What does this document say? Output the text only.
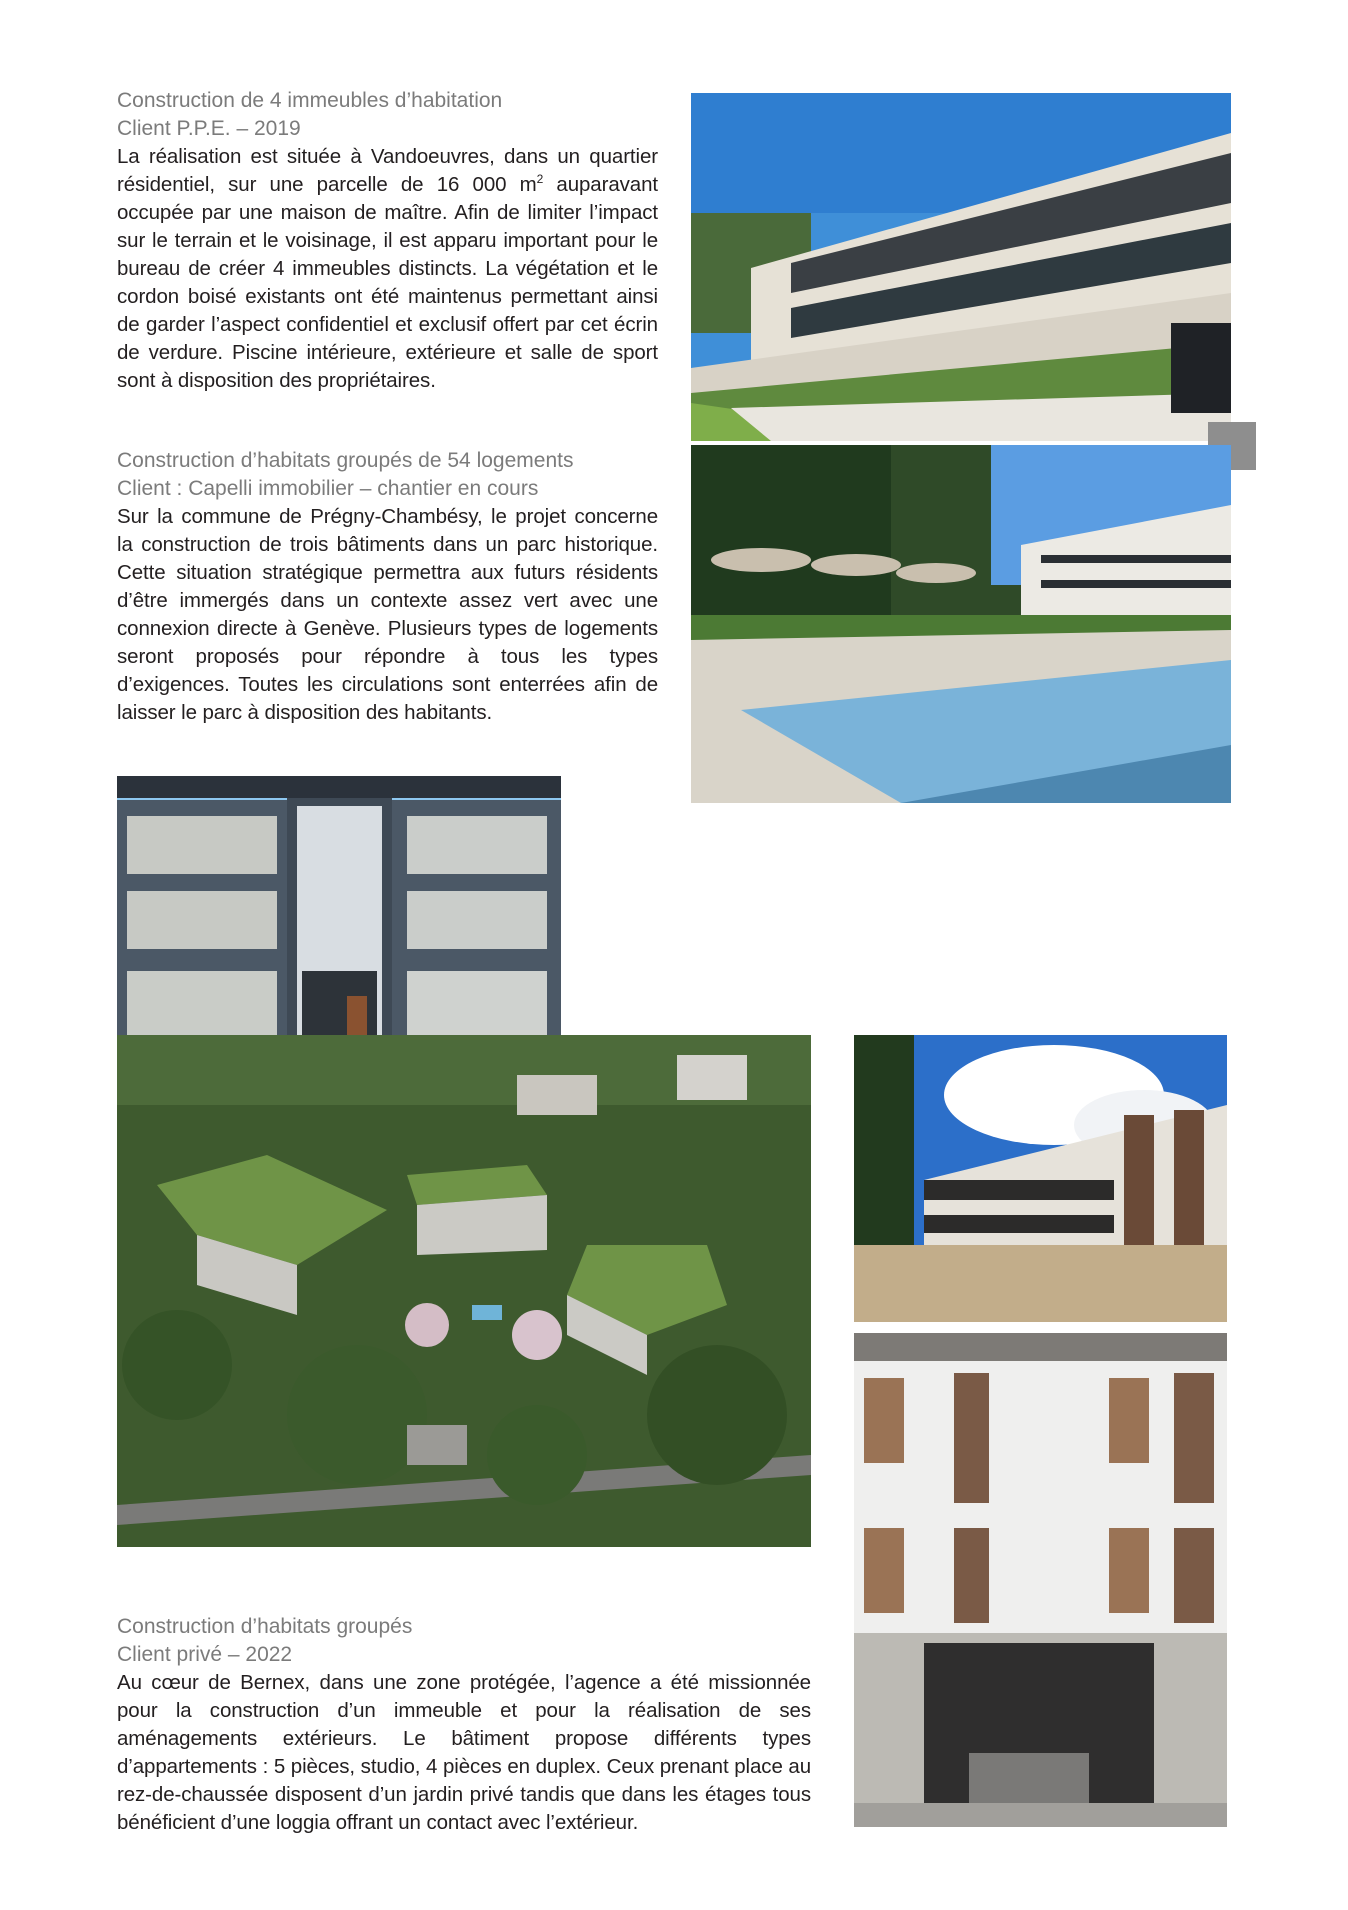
Construction de 4 immeubles d’habitation

Client P.P.E. – 2019

La réalisation est située à Vandoeuvres, dans un quartier résidentiel, sur une parcelle de 16 000 $m^2$ auparavant occupée par une maison de maître. Afin de limiter l’impact sur le terrain et le voisinage, il est apparu important pour le bureau de créer 4 immeubles distincts. La végétation et le cordon boisé existants ont été maintenus permettant ainsi de garder l’aspect confidentiel et exclusif offert par cet écrin de verdure. Piscine intérieure, extérieure et salle de sport sont à disposition des propriétaires.

Construction d’habitats groupés de 54 logements

Client : Capelli immobilier – chantier en cours

Sur la commune de Prégny-Chambésy, le projet concerne la construction de trois bâtiments dans un parc historique. Cette situation stratégique permettra aux futurs résidents d’être immergés dans un contexte assez vert avec une connexion directe à Genève. Plusieurs types de logements seront proposés pour répondre à tous les types d’exigences. Toutes les circulations sont enterrées afin de laisser le parc à disposition des habitants.

Construction d’habitats groupés

Client privé – 2022

Au cœur de Bernex, dans une zone protégée, l’agence a été missionnée pour la construction d’un immeuble et pour la réalisation de ses aménagements extérieurs. Le bâtiment propose différents types d’appartements : 5 pièces, studio, 4 pièces en duplex. Ceux prenant place au rez-de-chaussée disposent d’un jardin privé tandis que dans les étages tous bénéficient d’une loggia offrant un contact avec l’extérieur.
